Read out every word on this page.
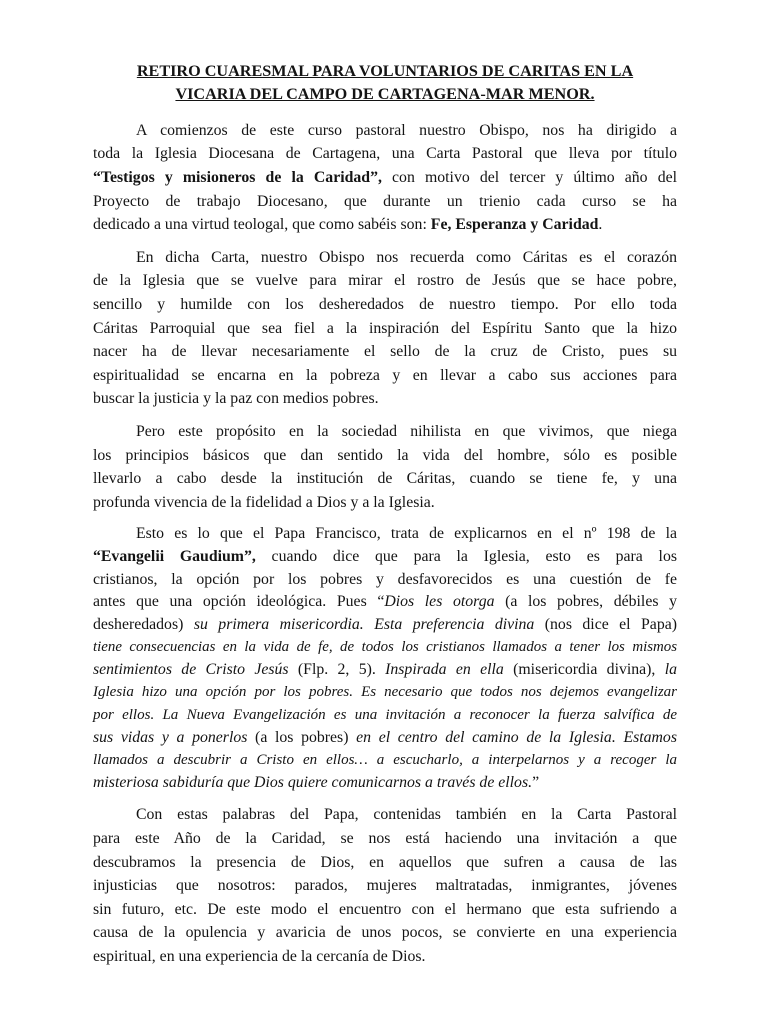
RETIRO CUARESMAL PARA VOLUNTARIOS DE CARITAS EN LA
VICARIA DEL CAMPO DE CARTAGENA-MAR MENOR.

A comienzos de este curso pastoral nuestro Obispo, nos ha dirigido a
toda la Iglesia Diocesana de Cartagena, una Carta Pastoral que lleva por título
“Testigos y misioneros de la Caridad”, con motivo del tercer y último año del
Proyecto de trabajo Diocesano, que durante un trienio cada curso se ha
dedicado a una virtud teologal, que como sabéis son: Fe, Esperanza y Caridad.

En dicha Carta, nuestro Obispo nos recuerda como Cáritas es el corazón
de la Iglesia que se vuelve para mirar el rostro de Jesús que se hace pobre,
sencillo y humilde con los desheredados de nuestro tiempo. Por ello toda
Cáritas Parroquial que sea fiel a la inspiración del Espíritu Santo que la hizo
nacer ha de llevar necesariamente el sello de la cruz de Cristo, pues su
espiritualidad se encarna en la pobreza y en llevar a cabo sus acciones para
buscar la justicia y la paz con medios pobres.

Pero este propósito en la sociedad nihilista en que vivimos, que niega
los principios básicos que dan sentido la vida del hombre, sólo es posible
llevarlo a cabo desde la institución de Cáritas, cuando se tiene fe, y una
profunda vivencia de la fidelidad a Dios y a la Iglesia.

Esto es lo que el Papa Francisco, trata de explicarnos en el nº 198 de la
“Evangelii Gaudium”, cuando dice que para la Iglesia, esto es para los
cristianos, la opción por los pobres y desfavorecidos es una cuestión de fe
antes que una opción ideológica. Pues “Dios les otorga (a los pobres, débiles y
desheredados) su primera misericordia. Esta preferencia divina (nos dice el Papa)
tiene consecuencias en la vida de fe, de todos los cristianos llamados a tener los mismos
sentimientos de Cristo Jesús (Flp. 2, 5). Inspirada en ella (misericordia divina), la
Iglesia hizo una opción por los pobres. Es necesario que todos nos dejemos evangelizar
por ellos. La Nueva Evangelización es una invitación a reconocer la fuerza salvífica de
sus vidas y a ponerlos (a los pobres) en el centro del camino de la Iglesia. Estamos
llamados a descubrir a Cristo en ellos… a escucharlo, a interpelarnos y a recoger la
misteriosa sabiduría que Dios quiere comunicarnos a través de ellos.”

Con estas palabras del Papa, contenidas también en la Carta Pastoral
para este Año de la Caridad, se nos está haciendo una invitación a que
descubramos la presencia de Dios, en aquellos que sufren a causa de las
injusticias que nosotros: parados, mujeres maltratadas, inmigrantes, jóvenes
sin futuro, etc. De este modo el encuentro con el hermano que esta sufriendo a
causa de la opulencia y avaricia de unos pocos, se convierte en una experiencia
espiritual, en una experiencia de la cercanía de Dios.
